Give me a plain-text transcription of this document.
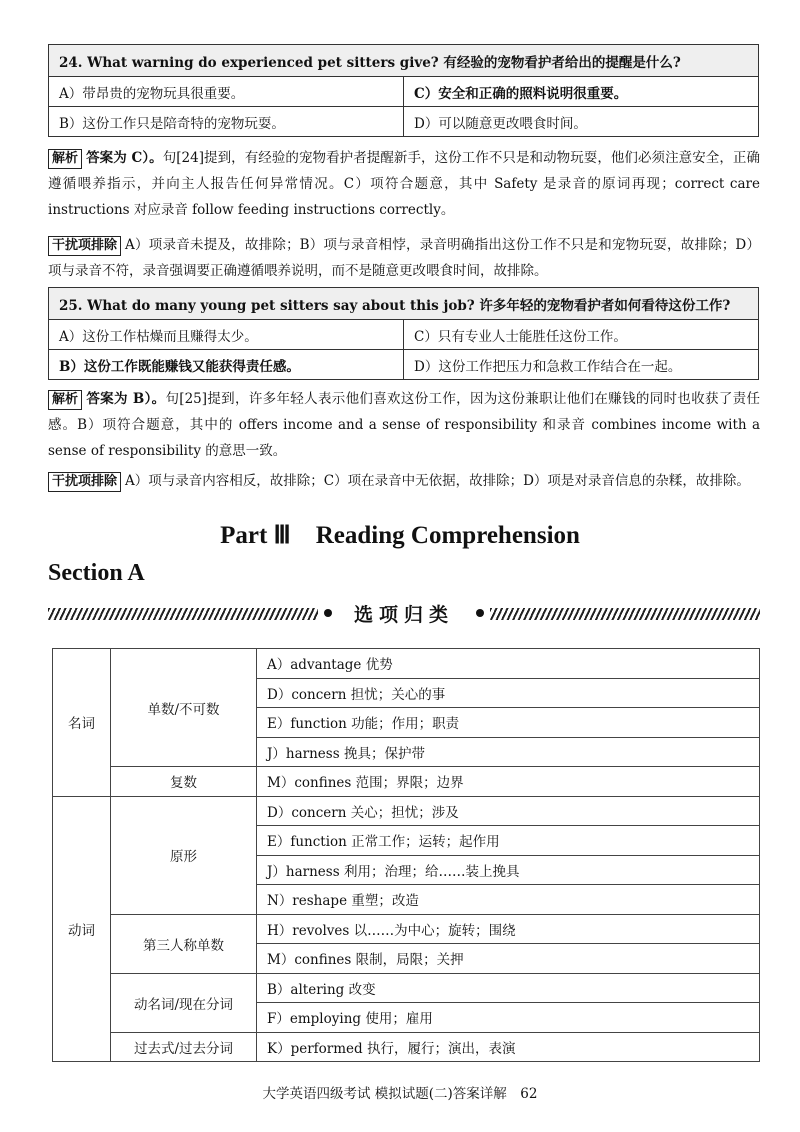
24. What warning do experienced pet sitters give? 有经验的宠物看护者给出的提醒是什么?	
A）带昂贵的宠物玩具很重要。	C）安全和正确的照料说明很重要。
B）这份工作只是陪奇特的宠物玩耍。	D）可以随意更改喂食时间。
解析 答案为 C）。句[24]提到，有经验的宠物看护者提醒新手，这份工作不只是和动物玩耍，他们必须注意安全，正确遵循喂养指示，并向主人报告任何异常情况。C）项符合题意，其中 Safety 是录音的原词再现；correct care instructions 对应录音 follow feeding instructions correctly。
干扰项排除 A）项录音未提及，故排除；B）项与录音相悖，录音明确指出这份工作不只是和宠物玩耍，故排除；D）项与录音不符，录音强调要正确遵循喂养说明，而不是随意更改喂食时间，故排除。
25. What do many young pet sitters say about this job? 许多年轻的宠物看护者如何看待这份工作?	
A）这份工作枯燥而且赚得太少。	C）只有专业人士能胜任这份工作。
B）这份工作既能赚钱又能获得责任感。	D）这份工作把压力和急救工作结合在一起。
解析 答案为 B）。句[25]提到，许多年轻人表示他们喜欢这份工作，因为这份兼职让他们在赚钱的同时也收获了责任感。B）项符合题意，其中的 offers income and a sense of responsibility 和录音 combines income with a sense of responsibility 的意思一致。
干扰项排除 A）项与录音内容相反，故排除；C）项在录音中无依据，故排除；D）项是对录音信息的杂糅，故排除。
Part Ⅲ　Reading Comprehension
Section A
选项归类
名词	单数/不可数	A）advantage 优势
		D）concern 担忧；关心的事
		E）function 功能；作用；职责
		J）harness 挽具；保护带
	复数	M）confines 范围；界限；边界
动词	原形	D）concern 关心；担忧；涉及
		E）function 正常工作；运转；起作用
		J）harness 利用；治理；给……装上挽具
		N）reshape 重塑；改造
	第三人称单数	H）revolves 以……为中心；旋转；围绕
		M）confines 限制，局限；关押
	动名词/现在分词	B）altering 改变
		F）employing 使用；雇用
	过去式/过去分词	K）performed 执行，履行；演出，表演
大学英语四级考试 模拟试题(二)答案详解　62
